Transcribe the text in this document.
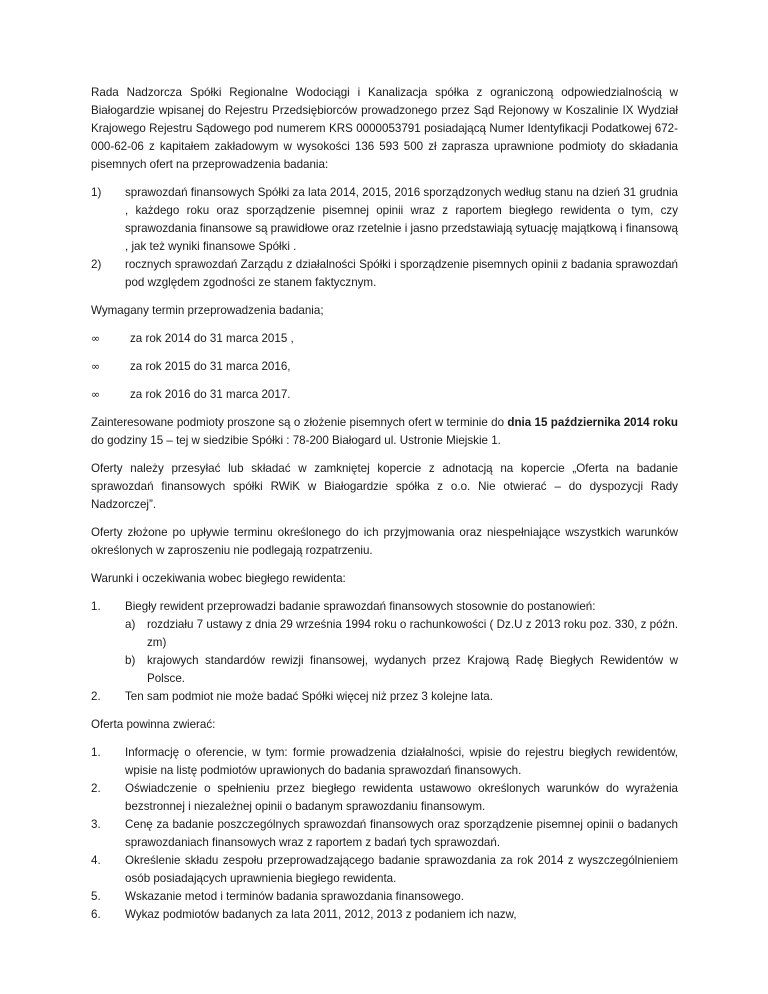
Rada Nadzorcza Spółki Regionalne Wodociągi i Kanalizacja spółka z ograniczoną odpowiedzialnością w Białogardzie wpisanej do Rejestru Przedsiębiorców prowadzonego przez Sąd Rejonowy w Koszalinie IX Wydział Krajowego Rejestru Sądowego pod numerem KRS 0000053791 posiadającą Numer Identyfikacji Podatkowej 672-000-62-06 z kapitałem zakładowym w wysokości 136 593 500 zł zaprasza uprawnione podmioty do składania pisemnych ofert na przeprowadzenia badania:

1)	sprawozdań finansowych Spółki za lata 2014, 2015, 2016 sporządzonych według stanu na dzień 31 grudnia , każdego roku oraz sporządzenie pisemnej opinii wraz z raportem biegłego rewidenta o tym, czy sprawozdania finansowe są prawidłowe oraz rzetelnie i jasno przedstawiają sytuację majątkową i finansową , jak też wyniki finansowe Spółki .
2)	rocznych sprawozdań Zarządu z działalności Spółki i sporządzenie pisemnych opinii z badania sprawozdań pod względem zgodności ze stanem faktycznym.

Wymagany termin przeprowadzenia badania;

∞	za rok 2014 do 31 marca 2015 ,
∞	za rok 2015 do 31 marca 2016,
∞	za rok 2016 do 31 marca 2017.

Zainteresowane podmioty proszone są o złożenie pisemnych ofert w terminie do dnia 15 października 2014 roku do godziny 15 – tej w siedzibie Spółki : 78-200 Białogard ul. Ustronie Miejskie 1.

Oferty należy przesyłać lub składać w zamkniętej kopercie z adnotacją na kopercie „Oferta na badanie sprawozdań finansowych spółki RWiK w Białogardzie spółka z o.o. Nie otwierać – do dyspozycji Rady Nadzorczej”.

Oferty złożone po upływie terminu określonego do ich przyjmowania oraz niespełniające wszystkich warunków określonych w zaproszeniu nie podlegają rozpatrzeniu.

Warunki i oczekiwania wobec biegłego rewidenta:

1.	Biegły rewident przeprowadzi badanie sprawozdań finansowych stosownie do postanowień:
a) rozdziału 7 ustawy z dnia 29 września 1994 roku o rachunkowości ( Dz.U z 2013 roku poz. 330, z późn. zm)
b) krajowych standardów rewizji finansowej, wydanych przez Krajową Radę Biegłych Rewidentów w Polsce.
2.	Ten sam podmiot nie może badać Spółki więcej niż przez 3 kolejne lata.

Oferta powinna zwierać:

1.	Informację o oferencie, w tym: formie prowadzenia działalności, wpisie do rejestru biegłych rewidentów, wpisie na listę podmiotów uprawionych do badania sprawozdań finansowych.
2.	Oświadczenie o spełnieniu przez biegłego rewidenta ustawowo określonych warunków do wyrażenia bezstronnej i niezależnej opinii o badanym sprawozdaniu finansowym.
3.	Cenę za badanie poszczególnych sprawozdań finansowych oraz sporządzenie pisemnej opinii o badanych sprawozdaniach finansowych wraz z raportem z badań tych sprawozdań.
4.	Określenie składu zespołu przeprowadzającego badanie sprawozdania za rok 2014 z wyszczególnieniem osób posiadających uprawnienia biegłego rewidenta.
5.	Wskazanie metod i terminów badania sprawozdania finansowego.
6.	Wykaz podmiotów badanych za lata 2011, 2012, 2013 z podaniem ich nazw,
